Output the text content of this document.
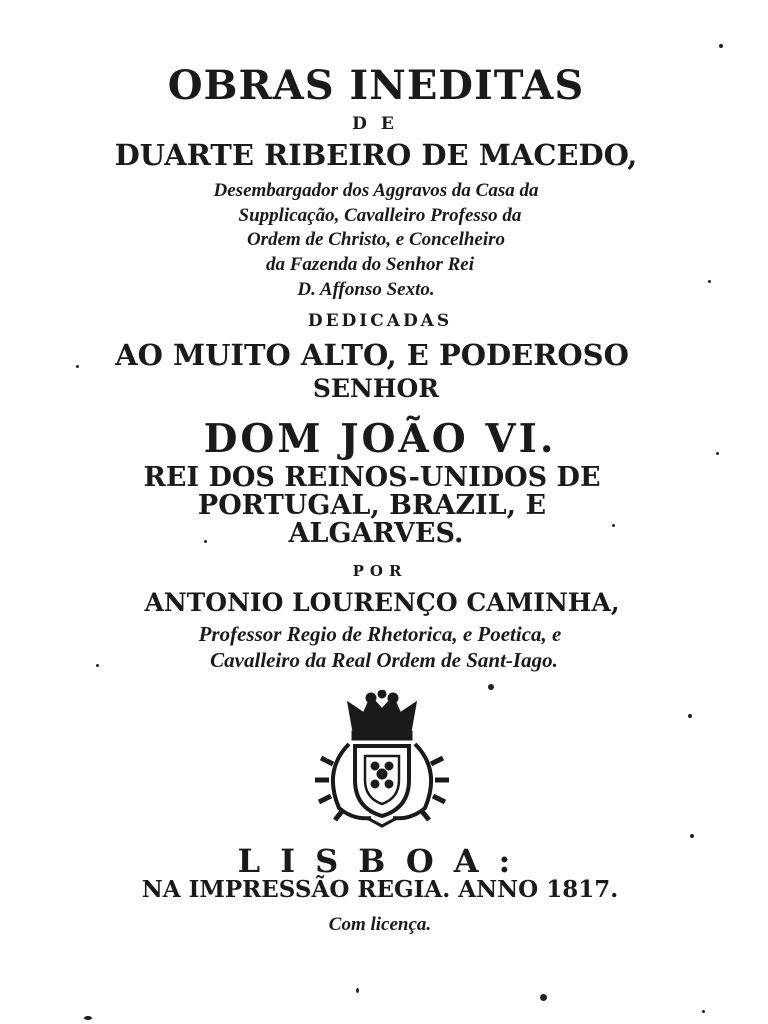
OBRAS INEDITAS
DE
DUARTE RIBEIRO DE MACEDO,
Desembargador dos Aggravos da Casa da
Supplicação, Cavalleiro Professo da
Ordem de Christo, e Concelheiro
da Fazenda do Senhor Rei
D. Affonso Sexto.
DEDICADAS
AO MUITO ALTO, E PODEROSO
SENHOR
DOM JOÃO VI.
REI DOS REINOS-UNIDOS DE
PORTUGAL, BRAZIL, E
ALGARVES.
POR
ANTONIO LOURENÇO CAMINHA,
Professor Regio de Rhetorica, e Poetica, e
Cavalleiro da Real Ordem de Sant-Iago.
LISBOA:
NA IMPRESSÃO REGIA. ANNO 1817.
Com licença.
